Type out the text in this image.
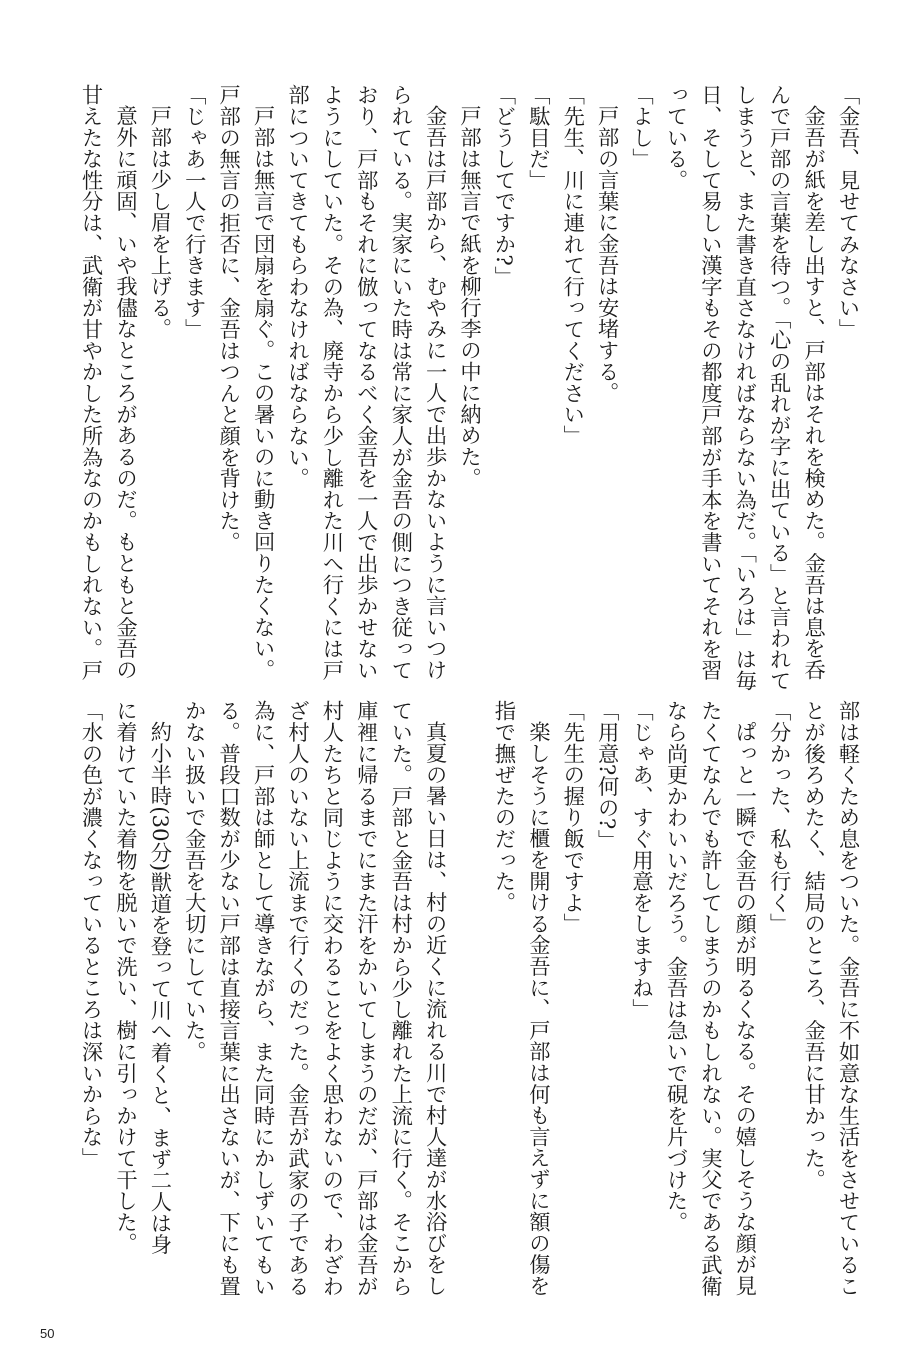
「金吾、見せてみなさい」
金吾が紙を差し出すと、戸部はそれを検めた。金吾は息を呑
んで戸部の言葉を待つ。「心の乱れが字に出ている」と言われて
しまうと、また書き直さなければならない為だ。「いろは」は毎
日、そして易しい漢字もその都度戸部が手本を書いてそれを習
っている。
「よし」
戸部の言葉に金吾は安堵する。
「先生、川に連れて行ってください」
「駄目だ」
「どうしてですか?」
戸部は無言で紙を柳行李の中に納めた。
金吾は戸部から、むやみに一人で出歩かないように言いつけ
られている。実家にいた時は常に家人が金吾の側につき従って
おり、戸部もそれに倣ってなるべく金吾を一人で出歩かせない
ようにしていた。その為、廃寺から少し離れた川へ行くには戸
部についてきてもらわなければならない。
戸部は無言で団扇を扇ぐ。この暑いのに動き回りたくない。
戸部の無言の拒否に、金吾はつんと顔を背けた。
「じゃあ一人で行きます」
戸部は少し眉を上げる。
意外に頑固、いや我儘なところがあるのだ。もともと金吾の
甘えたな性分は、武衛が甘やかした所為なのかもしれない。戸
部は軽くため息をついた。金吾に不如意な生活をさせているこ
とが後ろめたく、結局のところ、金吾に甘かった。
「分かった、私も行く」
ぱっと一瞬で金吾の顔が明るくなる。その嬉しそうな顔が見
たくてなんでも許してしまうのかもしれない。実父である武衛
なら尚更かわいいだろう。金吾は急いで硯を片づけた。
「じゃあ、すぐ用意をしますね」
「用意?何の?」
「先生の握り飯ですよ」
楽しそうに櫃を開ける金吾に、戸部は何も言えずに額の傷を
指で撫ぜたのだった。
真夏の暑い日は、村の近くに流れる川で村人達が水浴びをし
ていた。戸部と金吾は村から少し離れた上流に行く。そこから
庫裡に帰るまでにまた汗をかいてしまうのだが、戸部は金吾が
村人たちと同じように交わることをよく思わないので、わざわ
ざ村人のいない上流まで行くのだった。金吾が武家の子である
為に、戸部は師として導きながら、また同時にかしずいてもい
る。普段口数が少ない戸部は直接言葉に出さないが、下にも置
かない扱いで金吾を大切にしていた。
約小半時(30分)獣道を登って川へ着くと、まず二人は身
に着けていた着物を脱いで洗い、樹に引っかけて干した。
「水の色が濃くなっているところは深いからな」
50
